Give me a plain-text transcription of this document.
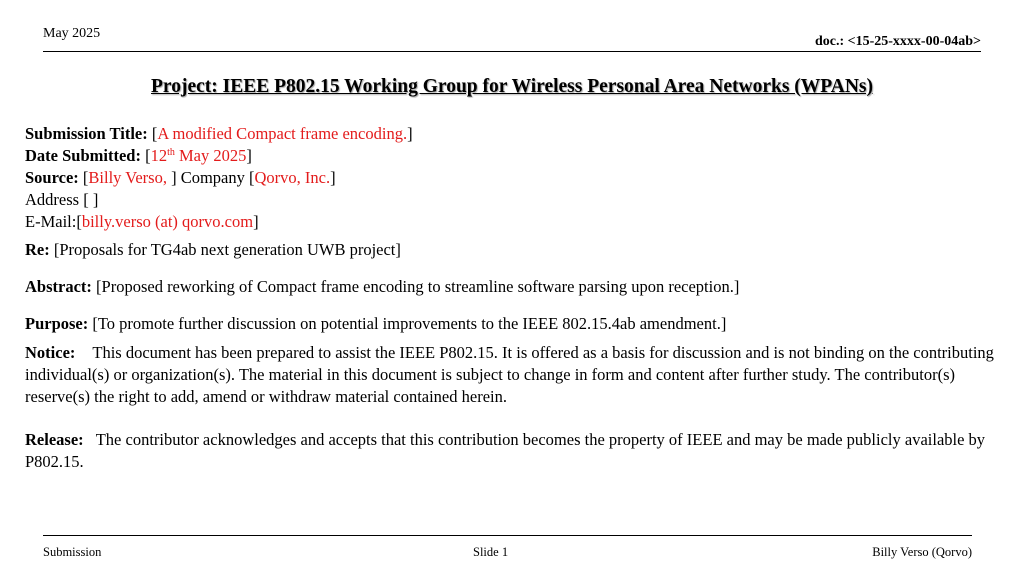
May 2025
doc.: <15-25-xxxx-00-04ab>
Project: IEEE P802.15 Working Group for Wireless Personal Area Networks (WPANs)
Submission Title: [A modified Compact frame encoding.]
Date Submitted: [12th May 2025]
Source: [Billy Verso, ] Company [Qorvo, Inc.]
Address [ ]
E-Mail:[billy.verso (at) qorvo.com]
Re: [Proposals for TG4ab next generation UWB project]
Abstract: [Proposed reworking of Compact frame encoding to streamline software parsing upon reception.]
Purpose: [To promote further discussion on potential improvements to the IEEE 802.15.4ab amendment.]
Notice: This document has been prepared to assist the IEEE P802.15. It is offered as a basis for discussion and is not binding on the contributing individual(s) or organization(s). The material in this document is subject to change in form and content after further study. The contributor(s) reserve(s) the right to add, amend or withdraw material contained herein.
Release: The contributor acknowledges and accepts that this contribution becomes the property of IEEE and may be made publicly available by P802.15.
Submission	Slide 1	Billy Verso (Qorvo)
